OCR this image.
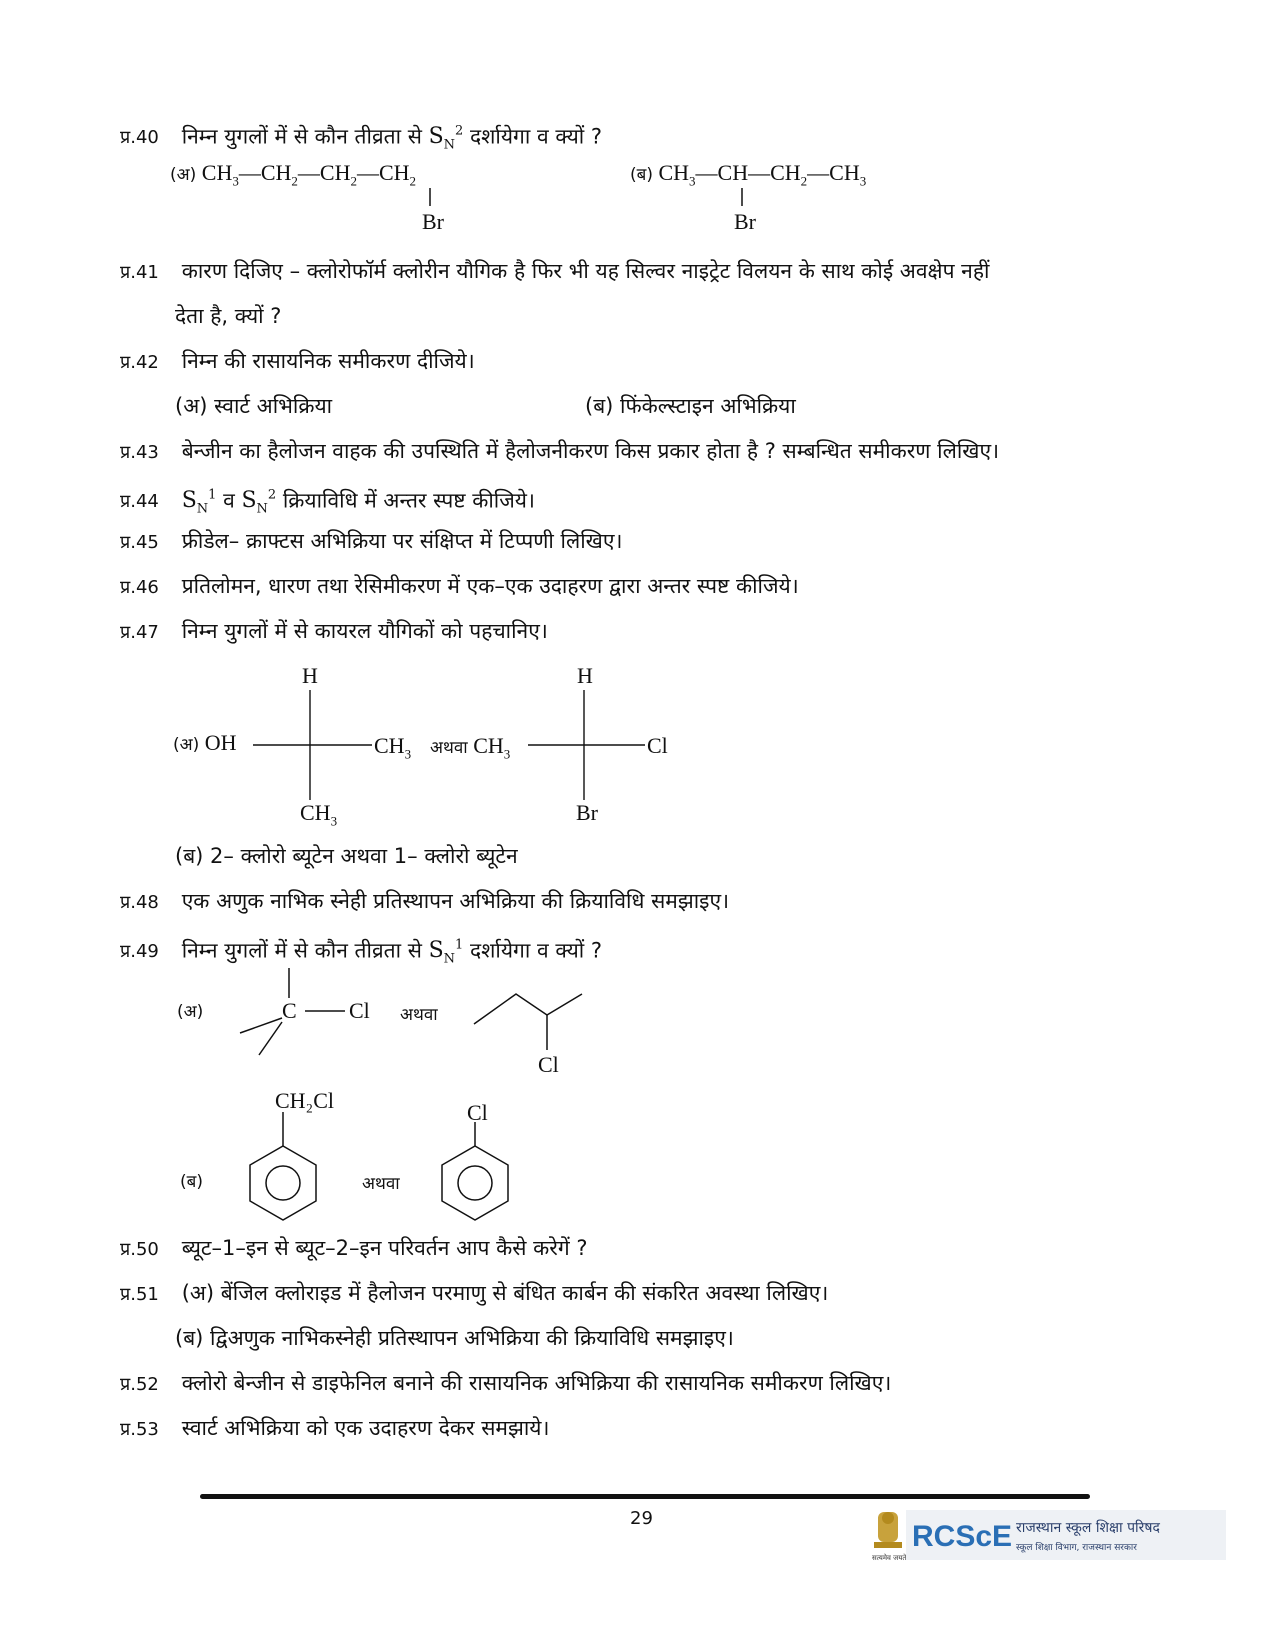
प्र.40 निम्न युगलों में से कौन तीव्रता से $S_N^2$ दर्शायेगा व क्यों ?
(अ) $CH_3—CH_2—CH_2—CH_2$
Br
(ब) $CH_3—CH—CH_2—CH_3$
Br
प्र.41 कारण दिजिए – क्लोरोफॉर्म क्लोरीन यौगिक है फिर भी यह सिल्वर नाइट्रेट विलयन के साथ कोई अवक्षेप नहीं
देता है, क्यों ?
प्र.42 निम्न की रासायनिक समीकरण दीजिये।
(अ) स्वार्ट अभिक्रिया	(ब) फिंकेल्स्टाइन अभिक्रिया
प्र.43 बेन्जीन का हैलोजन वाहक की उपस्थिति में हैलोजनीकरण किस प्रकार होता है ? सम्बन्धित समीकरण लिखिए।
प्र.44 $S_N^1$ व $S_N^2$ क्रियाविधि में अन्तर स्पष्ट कीजिये।
प्र.45 फ्रीडेल– क्राफ्टस अभिक्रिया पर संक्षिप्त में टिप्पणी लिखिए।
प्र.46 प्रतिलोमन, धारण तथा रेसिमीकरण में एक–एक उदाहरण द्वारा अन्तर स्पष्ट कीजिये।
प्र.47 निम्न युगलों में से कायरल यौगिकों को पहचानिए।
H
(अ) OH	$CH_3$
$CH_3$
अथवा $CH_3$
H
Cl
Br
(ब) 2– क्लोरो ब्यूटेन अथवा 1– क्लोरो ब्यूटेन
प्र.48 एक अणुक नाभिक स्नेही प्रतिस्थापन अभिक्रिया की क्रियाविधि समझाइए।
प्र.49 निम्न युगलों में से कौन तीव्रता से $S_N^1$ दर्शायेगा व क्यों ?
(अ)	C Cl अथवा
Cl
CH₂Cl
(ब)	अथवा
Cl
प्र.50 ब्यूट–1–इन से ब्यूट–2–इन परिवर्तन आप कैसे करेगें ?
प्र.51 (अ) बेंजिल क्लोराइड में हैलोजन परमाणु से बंधित कार्बन की संकरित अवस्था लिखिए।
(ब) द्विअणुक नाभिकस्नेही प्रतिस्थापन अभिक्रिया की क्रियाविधि समझाइए।
प्र.52 क्लोरो बेन्जीन से डाइफेनिल बनाने की रासायनिक अभिक्रिया की रासायनिक समीकरण लिखिए।
प्र.53 स्वार्ट अभिक्रिया को एक उदाहरण देकर समझाये।
29
सत्यमेव जयते
RCScE राजस्थान स्कूल शिक्षा परिषद
स्कूल शिक्षा विभाग, राजस्थान सरकार
